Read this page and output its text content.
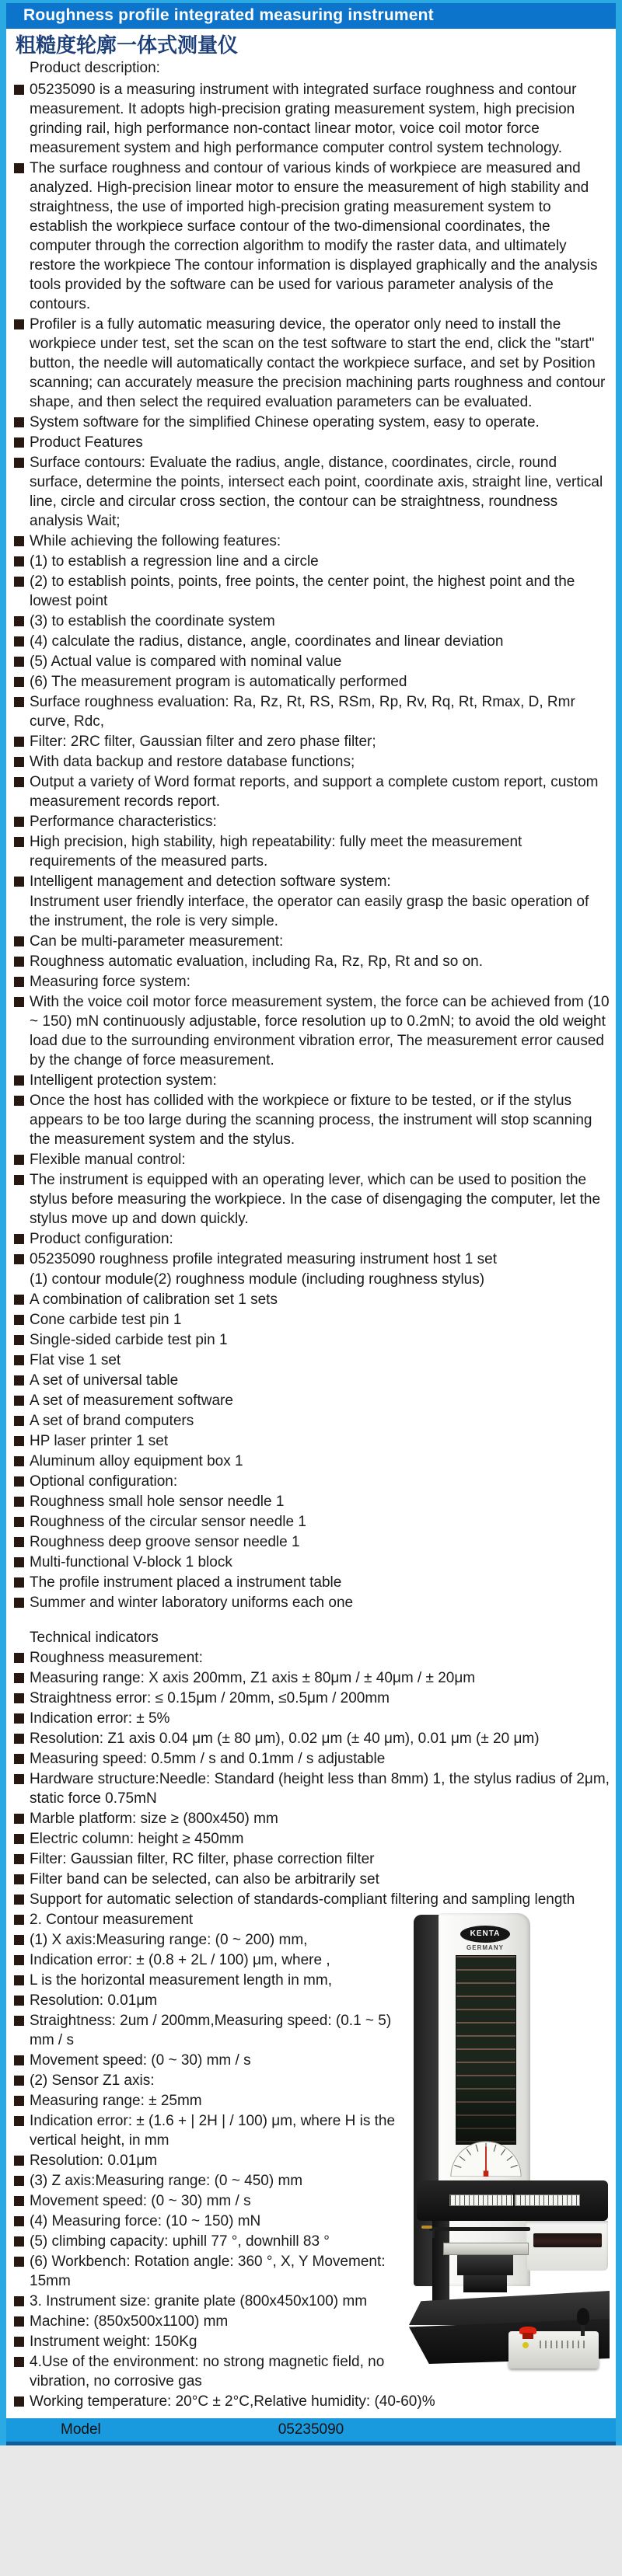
Roughness profile integrated measuring instrument
粗糙度轮廓一体式测量仪
Product description:
05235090 is a measuring instrument with integrated surface roughness and contour measurement. It adopts high-precision grating measurement system, high precision grinding rail, high performance non-contact linear motor, voice coil motor force measurement system and high performance computer control system technology.
The surface roughness and contour of various kinds of workpiece are measured and analyzed. High-precision linear motor to ensure the measurement of high stability and straightness, the use of imported high-precision grating measurement system to establish the workpiece surface contour of the two-dimensional coordinates, the computer through the correction algorithm to modify the raster data, and ultimately restore the workpiece The contour information is displayed graphically and the analysis tools provided by the software can be used for various parameter analysis of the contours.
Profiler is a fully automatic measuring device, the operator only need to install the workpiece under test, set the scan on the test software to start the end, click the "start" button, the needle will automatically contact the workpiece surface, and set by Position scanning; can accurately measure the precision machining parts roughness and contour shape, and then select the required evaluation parameters can be evaluated.
System software for the simplified Chinese operating system, easy to operate.
Product Features
Surface contours: Evaluate the radius, angle, distance, coordinates, circle, round surface, determine the points, intersect each point, coordinate axis, straight line, vertical line, circle and circular cross section, the contour can be straightness, roundness analysis Wait;
While achieving the following features:
(1) to establish a regression line and a circle
(2) to establish points, points, free points, the center point, the highest point and the lowest point
(3) to establish the coordinate system
(4) calculate the radius, distance, angle, coordinates and linear deviation
(5) Actual value is compared with nominal value
(6) The measurement program is automatically performed
Surface roughness evaluation: Ra, Rz, Rt, RS, RSm, Rp, Rv, Rq, Rt, Rmax, D, Rmr curve, Rdc,
Filter: 2RC filter, Gaussian filter and zero phase filter;
With data backup and restore database functions;
Output a variety of Word format reports, and support a complete custom report, custom measurement records report.
Performance characteristics:
High precision, high stability, high repeatability: fully meet the measurement requirements of the measured parts.
Intelligent management and detection software system:
Instrument user friendly interface, the operator can easily grasp the basic operation of the instrument, the role is very simple.
Can be multi-parameter measurement:
Roughness automatic evaluation, including Ra, Rz, Rp, Rt and so on.
Measuring force system:
With the voice coil motor force measurement system, the force can be achieved from (10 ~ 150) mN continuously adjustable, force resolution up to 0.2mN; to avoid the old weight load due to the surrounding environment vibration error, The measurement error caused by the change of force measurement.
Intelligent protection system:
Once the host has collided with the workpiece or fixture to be tested, or if the stylus appears to be too large during the scanning process, the instrument will stop scanning the measurement system and the stylus.
Flexible manual control:
The instrument is equipped with an operating lever, which can be used to position the stylus before measuring the workpiece. In the case of disengaging the computer, let the stylus move up and down quickly.
Product configuration:
05235090 roughness profile integrated measuring instrument host 1 set
(1) contour module(2) roughness module (including roughness stylus)
A combination of calibration set 1 sets
Cone carbide test pin 1
Single-sided carbide test pin 1
Flat vise 1 set
A set of universal table
A set of measurement software
A set of brand computers
HP laser printer 1 set
Aluminum alloy equipment box 1
Optional configuration:
Roughness small hole sensor needle 1
Roughness of the circular sensor needle 1
Roughness deep groove sensor needle 1
Multi-functional V-block 1 block
The profile instrument placed a instrument table
Summer and winter laboratory uniforms each one
Technical indicators
Roughness measurement:
Measuring range: X axis 200mm, Z1 axis ± 80μm / ± 40μm / ± 20μm
Straightness error: ≤ 0.15μm / 20mm, ≤0.5μm / 200mm
Indication error: ± 5%
Resolution: Z1 axis 0.04 μm (± 80 μm), 0.02 μm (± 40 μm), 0.01 μm (± 20 μm)
Measuring speed: 0.5mm / s and 0.1mm / s adjustable
Hardware structure:Needle: Standard (height less than 8mm) 1, the stylus radius of 2μm, static force 0.75mN
Marble platform: size ≥ (800x450) mm
Electric column: height ≥ 450mm
Filter: Gaussian filter, RC filter, phase correction filter
Filter band can be selected, can also be arbitrarily set
Support for automatic selection of standards-compliant filtering and sampling length
KENTA
GERMANY
2. Contour measurement
(1) X axis:Measuring range: (0 ~ 200) mm,
Indication error: ± (0.8 + 2L / 100) μm, where ,
L is the horizontal measurement length in mm,
Resolution: 0.01μm
Straightness: 2um / 200mm,Measuring speed: (0.1 ~ 5) mm / s
Movement speed: (0 ~ 30) mm / s
(2) Sensor Z1 axis:
Measuring range: ± 25mm
Indication error: ± (1.6 + | 2H | / 100) μm, where H is the vertical height, in mm
Resolution: 0.01μm
(3) Z axis:Measuring range: (0 ~ 450) mm
Movement speed: (0 ~ 30) mm / s
(4) Measuring force: (10 ~ 150) mN
(5) climbing capacity: uphill 77 °, downhill 83 °
(6) Workbench: Rotation angle: 360 °, X, Y Movement: 15mm
3. Instrument size: granite plate (800x450x100) mm
Machine: (850x500x1100) mm
Instrument weight: 150Kg
4.Use of the environment: no strong magnetic field, no vibration, no corrosive gas
Working temperature: 20°C ± 2°C,Relative humidity: (40-60)%
Model	05235090
